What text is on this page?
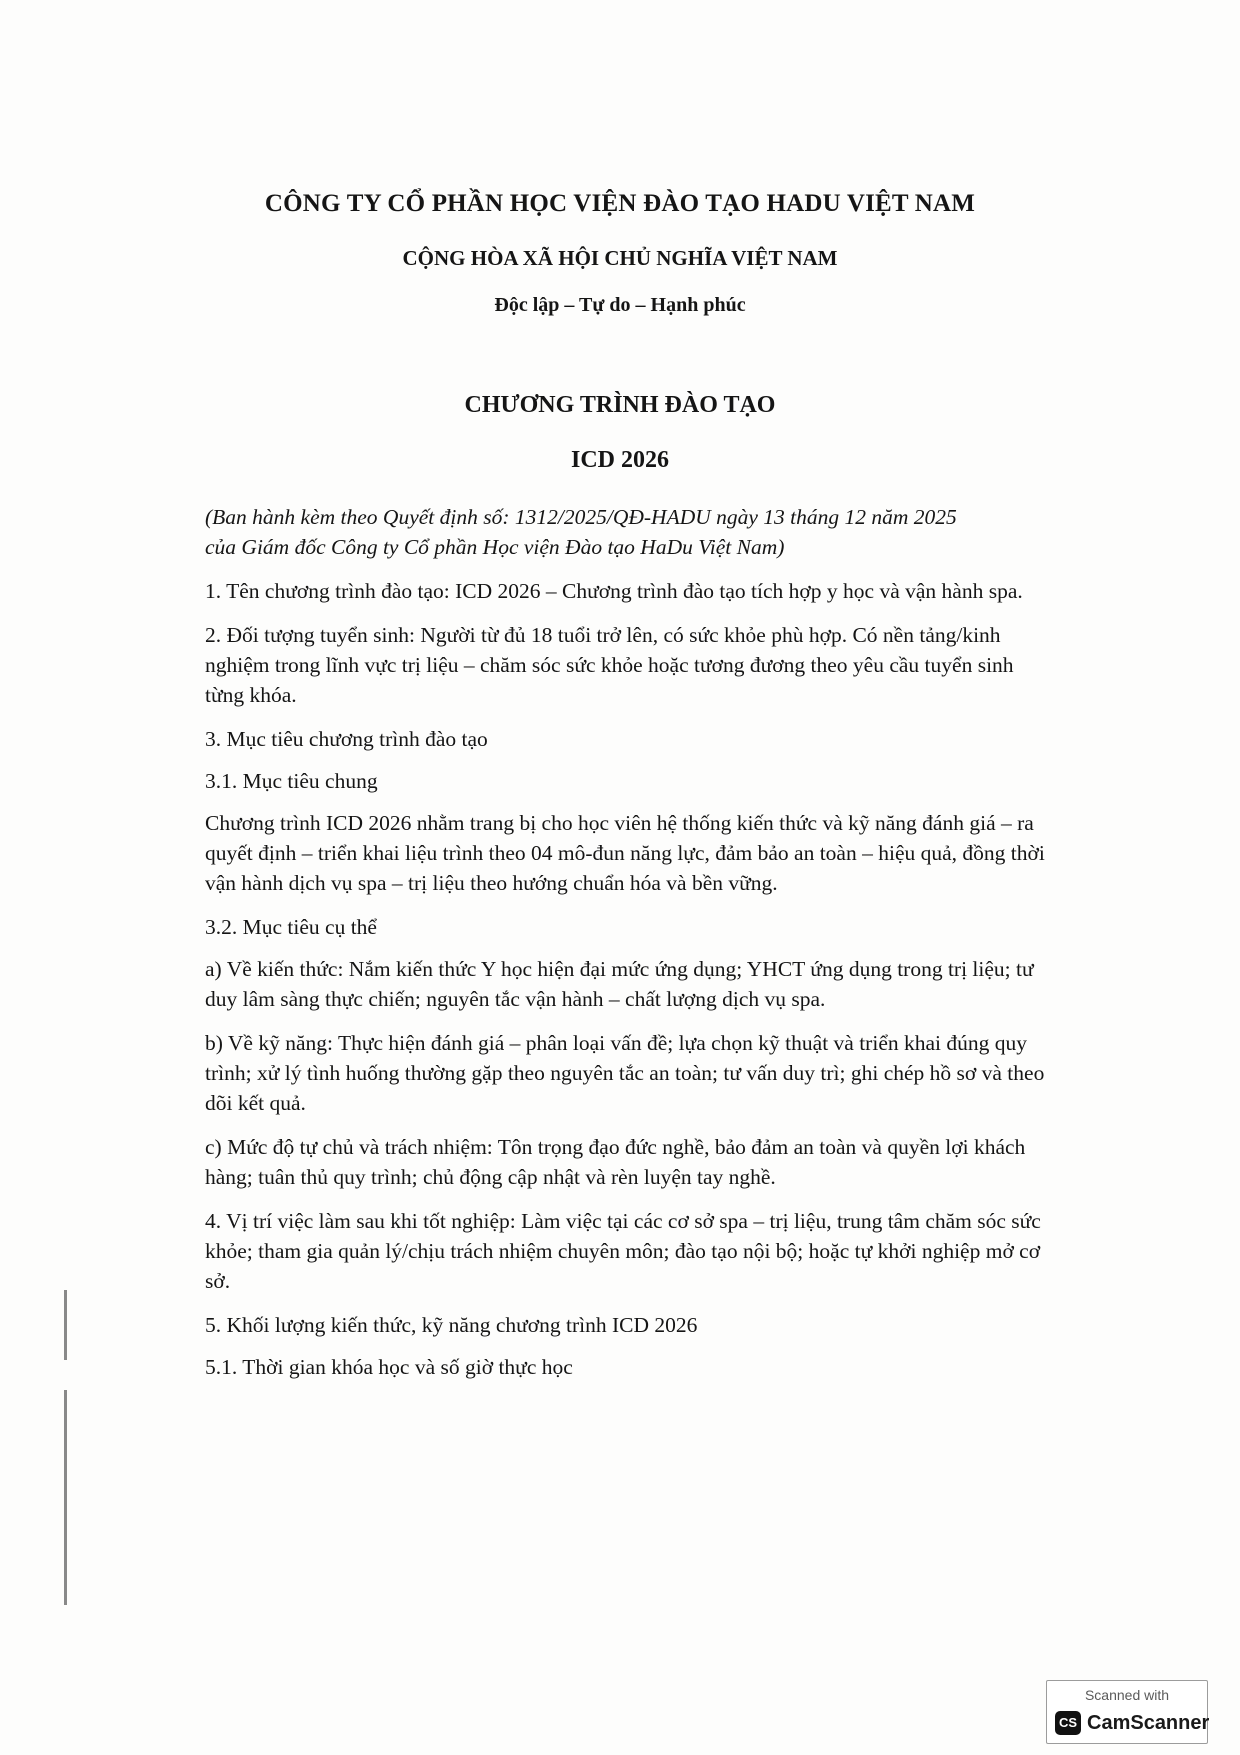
CÔNG TY CỔ PHẦN HỌC VIỆN ĐÀO TẠO HADU VIỆT NAM
CỘNG HÒA XÃ HỘI CHỦ NGHĨA VIỆT NAM
Độc lập – Tự do – Hạnh phúc
CHƯƠNG TRÌNH ĐÀO TẠO
ICD 2026

(Ban hành kèm theo Quyết định số: 1312/2025/QĐ-HADU ngày 13 tháng 12 năm 2025

của Giám đốc Công ty Cổ phần Học viện Đào tạo HaDu Việt Nam)

1. Tên chương trình đào tạo: ICD 2026 – Chương trình đào tạo tích hợp y học và vận hành spa.

2. Đối tượng tuyển sinh: Người từ đủ 18 tuổi trở lên, có sức khỏe phù hợp. Có nền tảng/kinh nghiệm trong lĩnh vực trị liệu – chăm sóc sức khỏe hoặc tương đương theo yêu cầu tuyển sinh từng khóa.

3. Mục tiêu chương trình đào tạo

3.1. Mục tiêu chung

Chương trình ICD 2026 nhằm trang bị cho học viên hệ thống kiến thức và kỹ năng đánh giá – ra quyết định – triển khai liệu trình theo 04 mô-đun năng lực, đảm bảo an toàn – hiệu quả, đồng thời vận hành dịch vụ spa – trị liệu theo hướng chuẩn hóa và bền vững.

3.2. Mục tiêu cụ thể

a) Về kiến thức: Nắm kiến thức Y học hiện đại mức ứng dụng; YHCT ứng dụng trong trị liệu; tư duy lâm sàng thực chiến; nguyên tắc vận hành – chất lượng dịch vụ spa.

b) Về kỹ năng: Thực hiện đánh giá – phân loại vấn đề; lựa chọn kỹ thuật và triển khai đúng quy trình; xử lý tình huống thường gặp theo nguyên tắc an toàn; tư vấn duy trì; ghi chép hồ sơ và theo dõi kết quả.

c) Mức độ tự chủ và trách nhiệm: Tôn trọng đạo đức nghề, bảo đảm an toàn và quyền lợi khách hàng; tuân thủ quy trình; chủ động cập nhật và rèn luyện tay nghề.

4. Vị trí việc làm sau khi tốt nghiệp: Làm việc tại các cơ sở spa – trị liệu, trung tâm chăm sóc sức khỏe; tham gia quản lý/chịu trách nhiệm chuyên môn; đào tạo nội bộ; hoặc tự khởi nghiệp mở cơ sở.

5. Khối lượng kiến thức, kỹ năng chương trình ICD 2026

5.1. Thời gian khóa học và số giờ thực học

Scanned with
CS CamScanner
